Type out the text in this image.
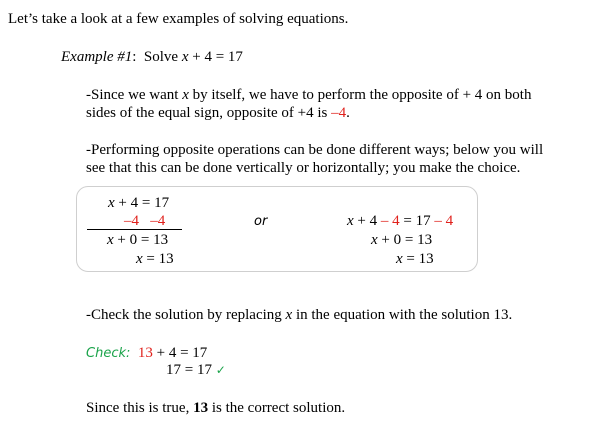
Let’s take a look at a few examples of solving equations.
Example #1: Solve x + 4 = 17
-Since we want x by itself, we have to perform the opposite of + 4 on both
sides of the equal sign, opposite of +4 is –4.
-Performing opposite operations can be done different ways; below you will
see that this can be done vertically or horizontally; you make the choice.
x + 4 = 17
–4   –4
x + 0 = 13
x = 13
or	x + 4 – 4 = 17 – 4
x + 0 = 13
x = 13
-Check the solution by replacing x in the equation with the solution 13.
Check: 13 + 4 = 17
17 = 17 ✓
Since this is true, 13 is the correct solution.
